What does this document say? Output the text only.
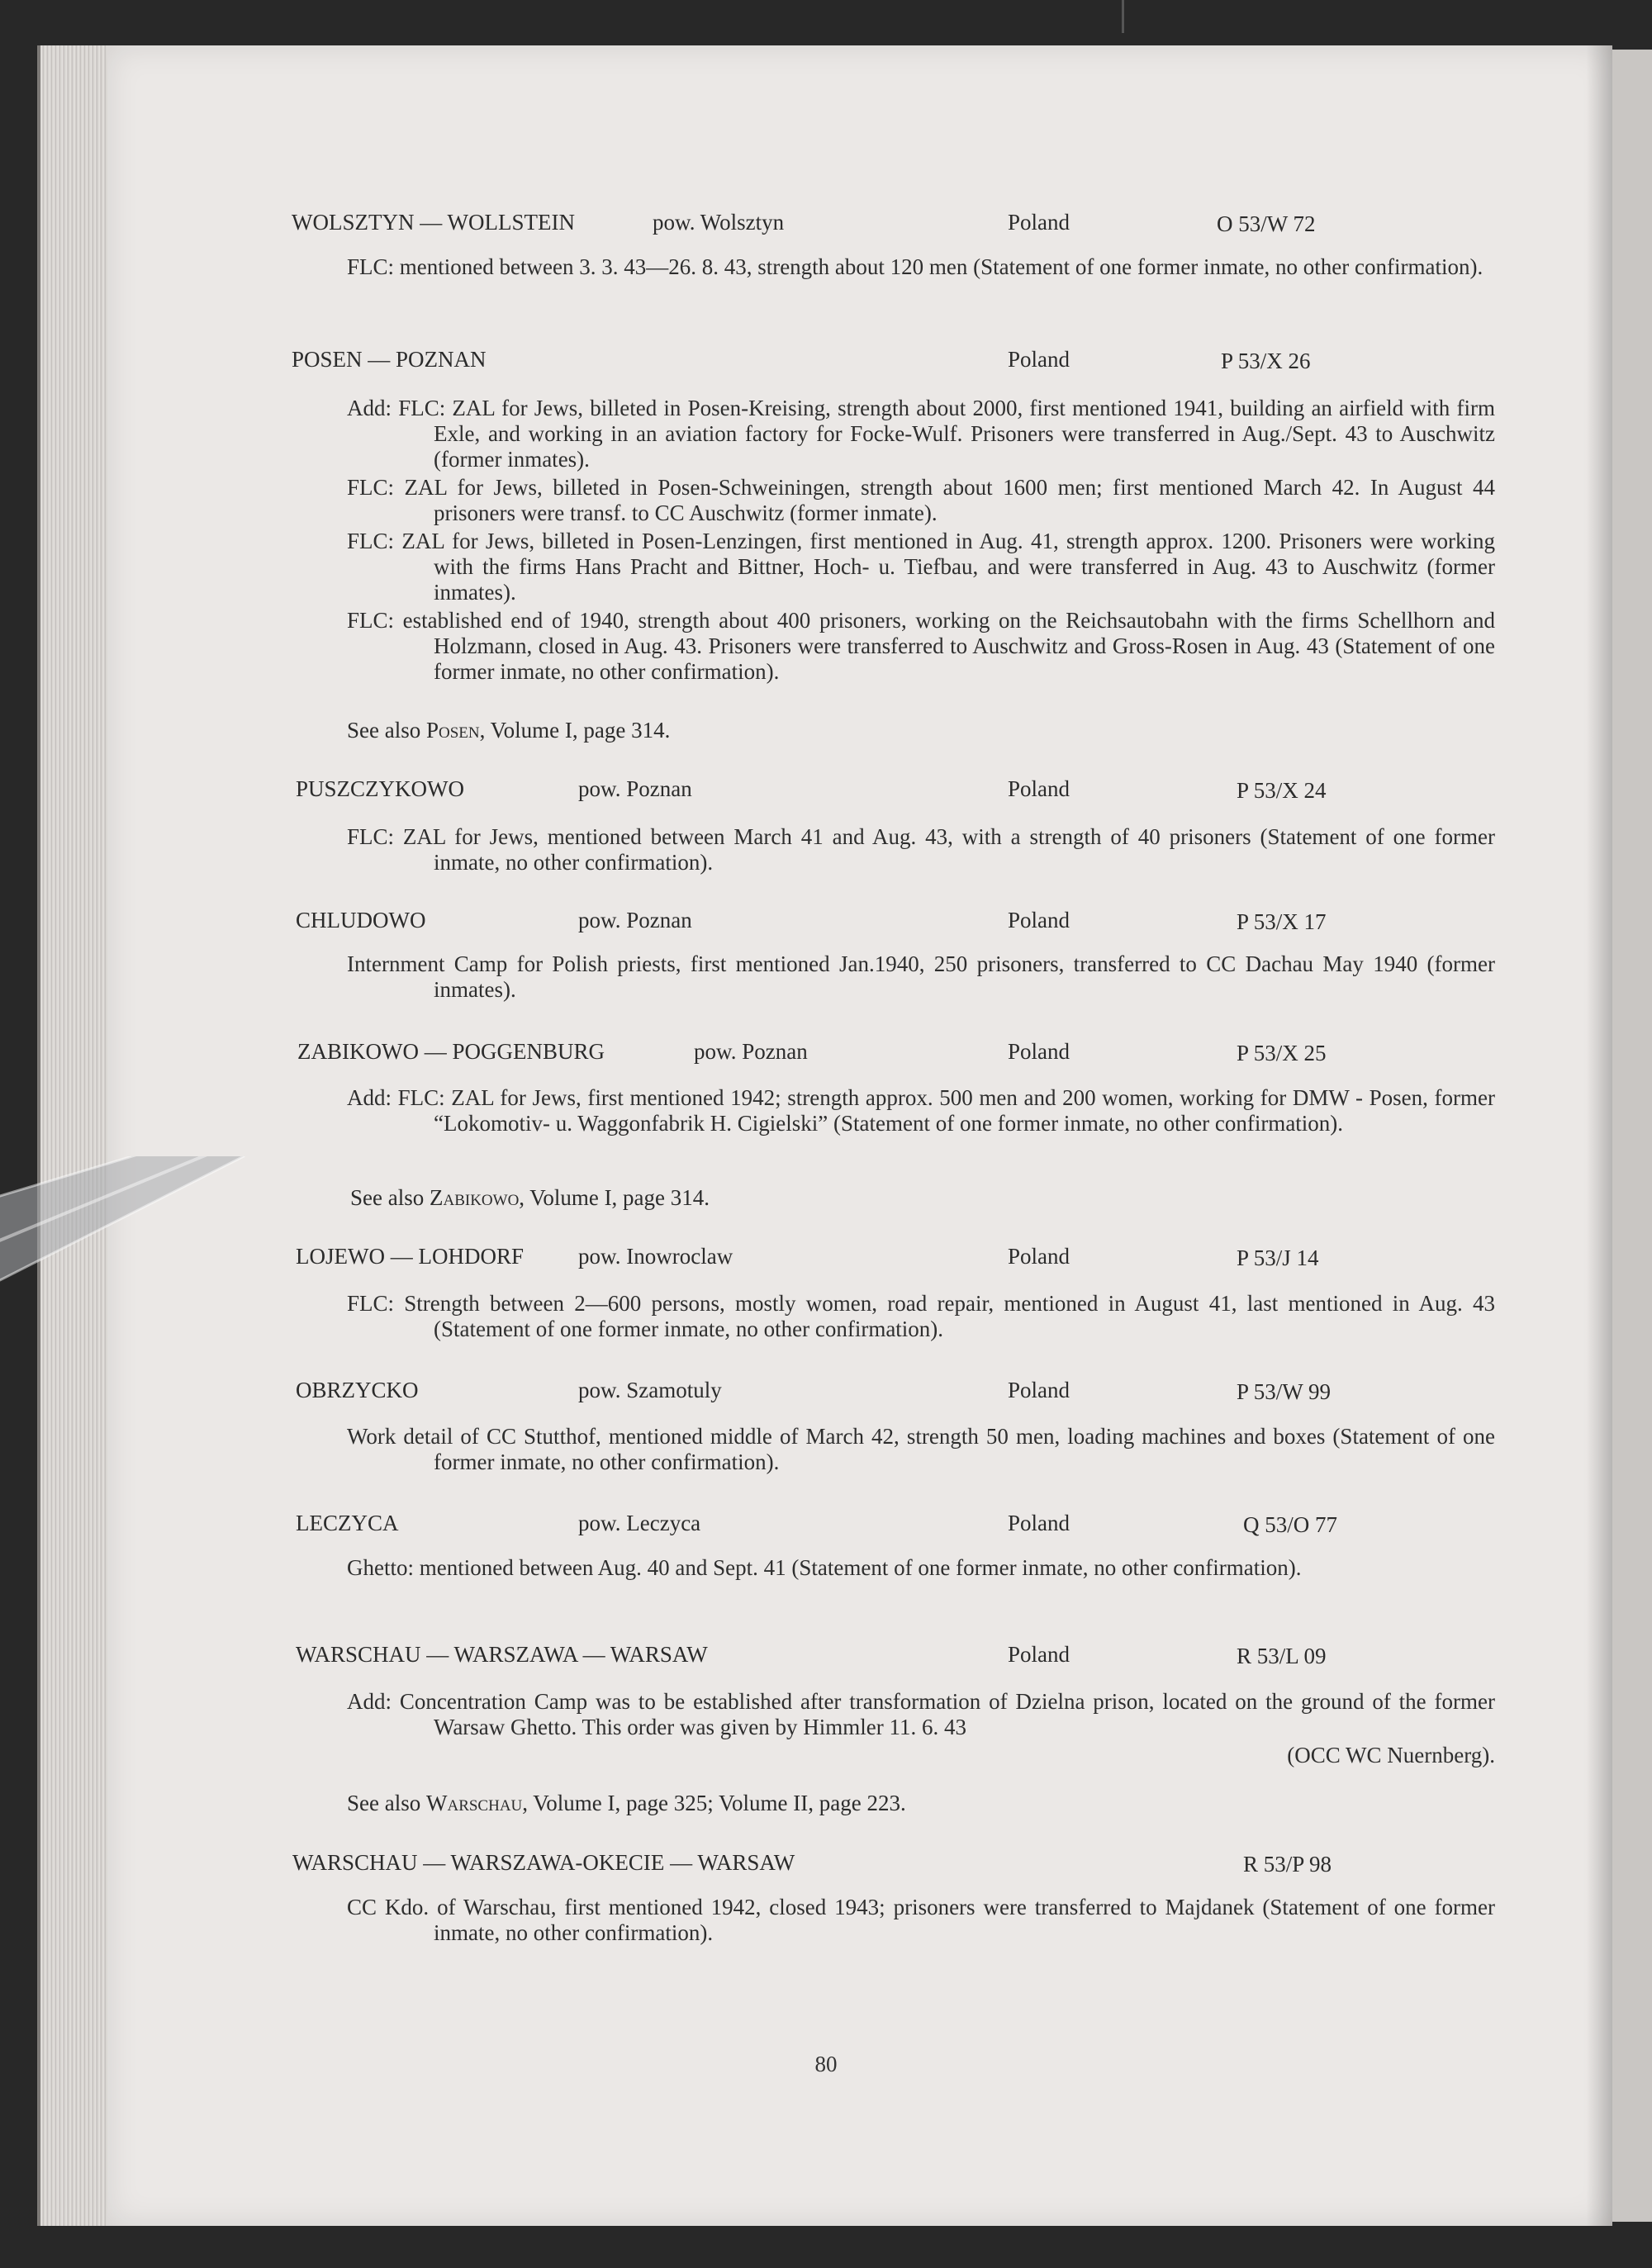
WOLSZTYN — WOLLSTEIN	pow. Wolsztyn	Poland	O 53/W 72

FLC: mentioned between 3. 3. 43—26. 8. 43, strength about 120 men (Statement of one former inmate, no other confirmation).

POSEN — POZNAN	Poland	P 53/X 26

Add: FLC: ZAL for Jews, billeted in Posen-Kreising, strength about 2000, first mentioned 1941, building an airfield with firm Exle, and working in an aviation factory for Focke-Wulf. Prisoners were transferred in Aug./Sept. 43 to Auschwitz (former inmates).

FLC: ZAL for Jews, billeted in Posen-Schweiningen, strength about 1600 men; first mentioned March 42. In August 44 prisoners were transf. to CC Auschwitz (former inmate).

FLC: ZAL for Jews, billeted in Posen-Lenzingen, first mentioned in Aug. 41, strength approx. 1200. Prisoners were working with the firms Hans Pracht and Bittner, Hoch- u. Tiefbau, and were transferred in Aug. 43 to Auschwitz (former inmates).

FLC: established end of 1940, strength about 400 prisoners, working on the Reichsautobahn with the firms Schellhorn and Holzmann, closed in Aug. 43. Prisoners were transferred to Auschwitz and Gross-Rosen in Aug. 43 (Statement of one former inmate, no other confirmation).

See also Posen, Volume I, page 314.
PUSZCZYKOWO	pow. Poznan	Poland	P 53/X 24

FLC: ZAL for Jews, mentioned between March 41 and Aug. 43, with a strength of 40 prisoners (Statement of one former inmate, no other confirmation).

CHLUDOWO	pow. Poznan	Poland	P 53/X 17

Internment Camp for Polish priests, first mentioned Jan.1940, 250 prisoners, transferred to CC Dachau May 1940 (former inmates).

ZABIKOWO — POGGENBURG	pow. Poznan	Poland	P 53/X 25

Add: FLC: ZAL for Jews, first mentioned 1942; strength approx. 500 men and 200 women, working for DMW - Posen, former “Lokomotiv- u. Waggonfabrik H. Cigielski” (Statement of one former inmate, no other confirmation).

See also Zabikowo, Volume I, page 314.
LOJEWO — LOHDORF pow. Inowroclaw	Poland	P 53/J 14

FLC: Strength between 2—600 persons, mostly women, road repair, mentioned in August 41, last mentioned in Aug. 43 (Statement of one former inmate, no other confirmation).

OBRZYCKO	pow. Szamotuly	Poland	P 53/W 99

Work detail of CC Stutthof, mentioned middle of March 42, strength 50 men, loading machines and boxes (Statement of one former inmate, no other confirmation).

LECZYCA	pow. Leczyca	Poland	Q 53/O 77

Ghetto: mentioned between Aug. 40 and Sept. 41 (Statement of one former inmate, no other confirmation).

WARSCHAU — WARSZAWA — WARSAW	Poland	R 53/L 09

Add: Concentration Camp was to be established after transformation of Dzielna prison, located on the ground of the former Warsaw Ghetto. This order was given by Himmler 11. 6. 43

(OCC WC Nuernberg).

See also Warschau, Volume I, page 325; Volume II, page 223.
WARSCHAU — WARSZAWA-OKECIE — WARSAW	R 53/P 98

CC Kdo. of Warschau, first mentioned 1942, closed 1943; prisoners were transferred to Majdanek (Statement of one former inmate, no other confirmation).

80
